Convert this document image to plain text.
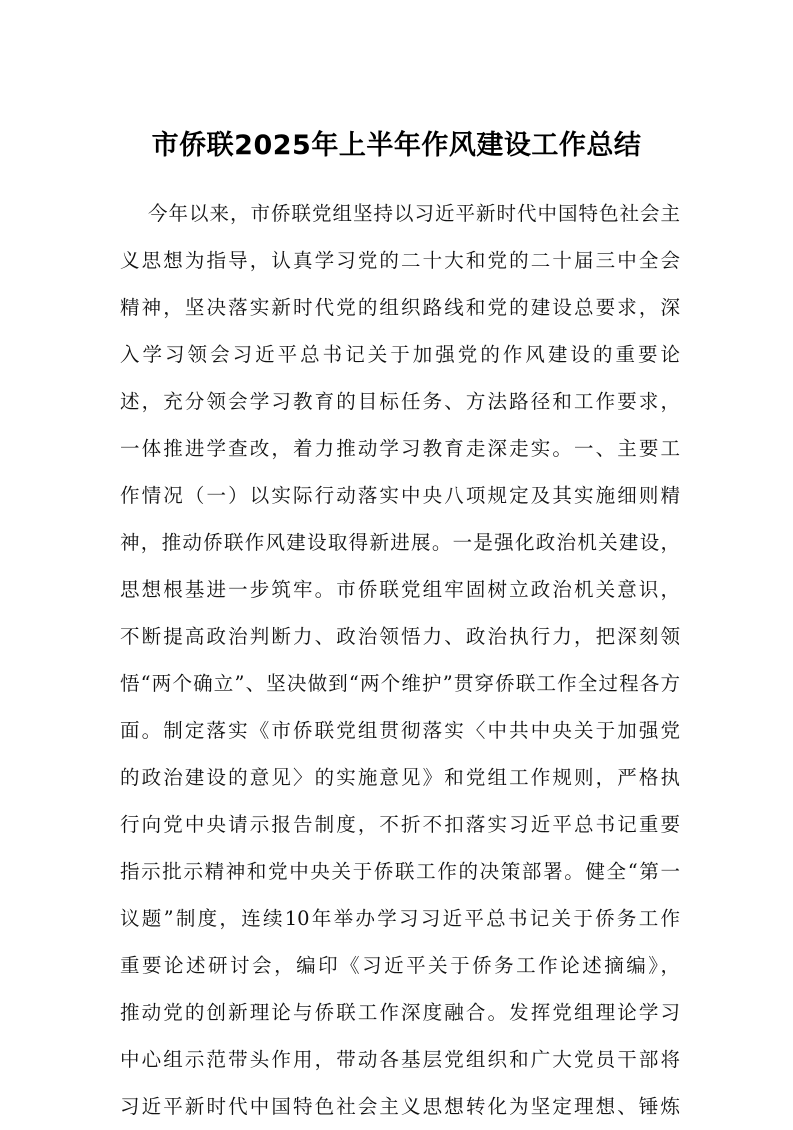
市侨联2025年上半年作风建设工作总结
今年以来，市侨联党组坚持以习近平新时代中国特色社会主
义思想为指导，认真学习党的二十大和党的二十届三中全会
精神，坚决落实新时代党的组织路线和党的建设总要求，深
入学习领会习近平总书记关于加强党的作风建设的重要论
述，充分领会学习教育的目标任务、方法路径和工作要求，
一体推进学查改，着力推动学习教育走深走实。一、主要工
作情况（一）以实际行动落实中央八项规定及其实施细则精
神，推动侨联作风建设取得新进展。一是强化政治机关建设，
思想根基进一步筑牢。市侨联党组牢固树立政治机关意识，
不断提高政治判断力、政治领悟力、政治执行力，把深刻领
悟“两个确立”、坚决做到“两个维护”贯穿侨联工作全过程各方
面。制定落实《市侨联党组贯彻落实〈中共中央关于加强党
的政治建设的意见〉的实施意见》和党组工作规则，严格执
行向党中央请示报告制度，不折不扣落实习近平总书记重要
指示批示精神和党中央关于侨联工作的决策部署。健全“第一
议题”制度，连续10年举办学习习近平总书记关于侨务工作
重要论述研讨会，编印《习近平关于侨务工作论述摘编》，
推动党的创新理论与侨联工作深度融合。发挥党组理论学习
中心组示范带头作用，带动各基层党组织和广大党员干部将
习近平新时代中国特色社会主义思想转化为坚定理想、锤炼
